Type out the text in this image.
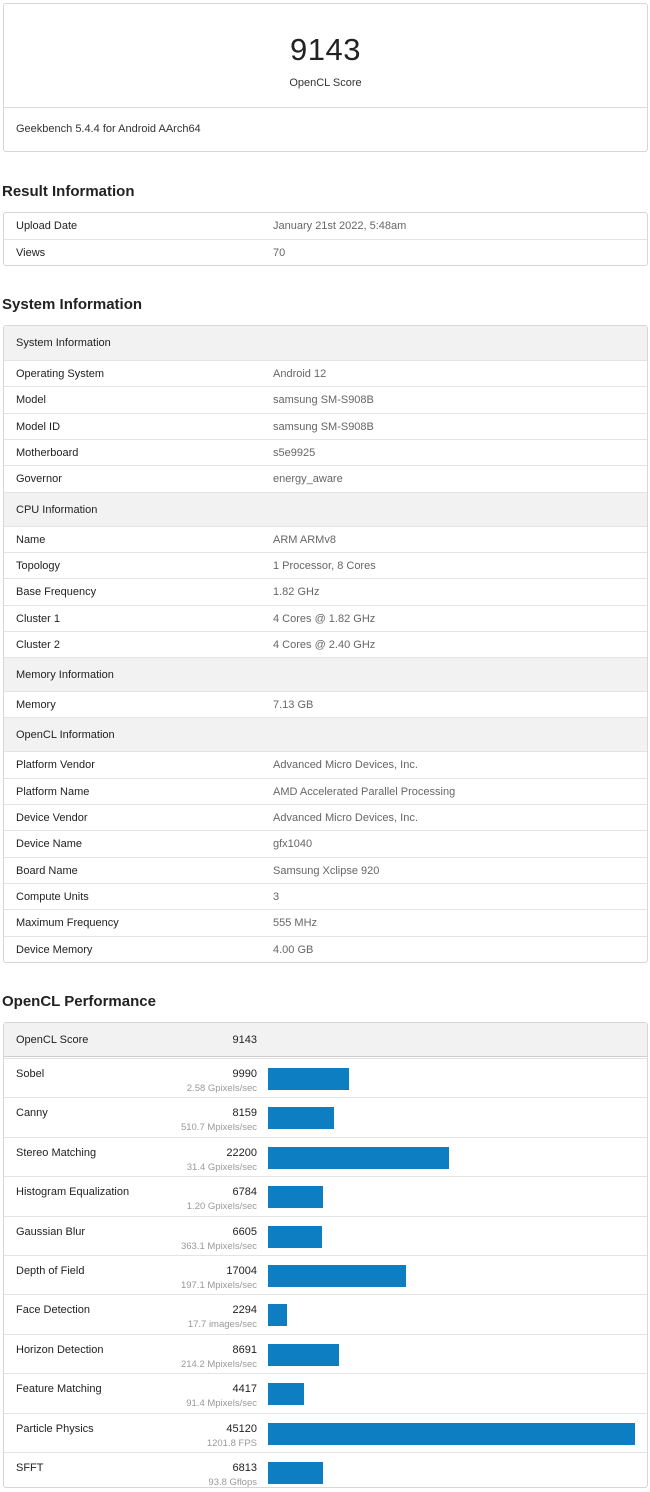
9143
OpenCL Score
Geekbench 5.4.4 for Android AArch64
Result Information
Upload Date	January 21st 2022, 5:48am
Views	70
System Information
System Information
Operating System	Android 12
Model	samsung SM-S908B
Model ID	samsung SM-S908B
Motherboard	s5e9925
Governor	energy_aware
CPU Information
Name	ARM ARMv8
Topology	1 Processor, 8 Cores
Base Frequency	1.82 GHz
Cluster 1	4 Cores @ 1.82 GHz
Cluster 2	4 Cores @ 2.40 GHz
Memory Information
Memory	7.13 GB
OpenCL Information
Platform Vendor	Advanced Micro Devices, Inc.
Platform Name	AMD Accelerated Parallel Processing
Device Vendor	Advanced Micro Devices, Inc.
Device Name	gfx1040
Board Name	Samsung Xclipse 920
Compute Units	3
Maximum Frequency	555 MHz
Device Memory	4.00 GB
OpenCL Performance
OpenCL Score	9143
Sobel	9990
2.58 Gpixels/sec
Canny	8159
510.7 Mpixels/sec
Stereo Matching	22200
31.4 Gpixels/sec
Histogram Equalization	6784
1.20 Gpixels/sec
Gaussian Blur	6605
363.1 Mpixels/sec
Depth of Field	17004
197.1 Mpixels/sec
Face Detection	2294
17.7 images/sec
Horizon Detection	8691
214.2 Mpixels/sec
Feature Matching	4417
91.4 Mpixels/sec
Particle Physics	45120
1201.8 FPS
SFFT	6813
93.8 Gflops
